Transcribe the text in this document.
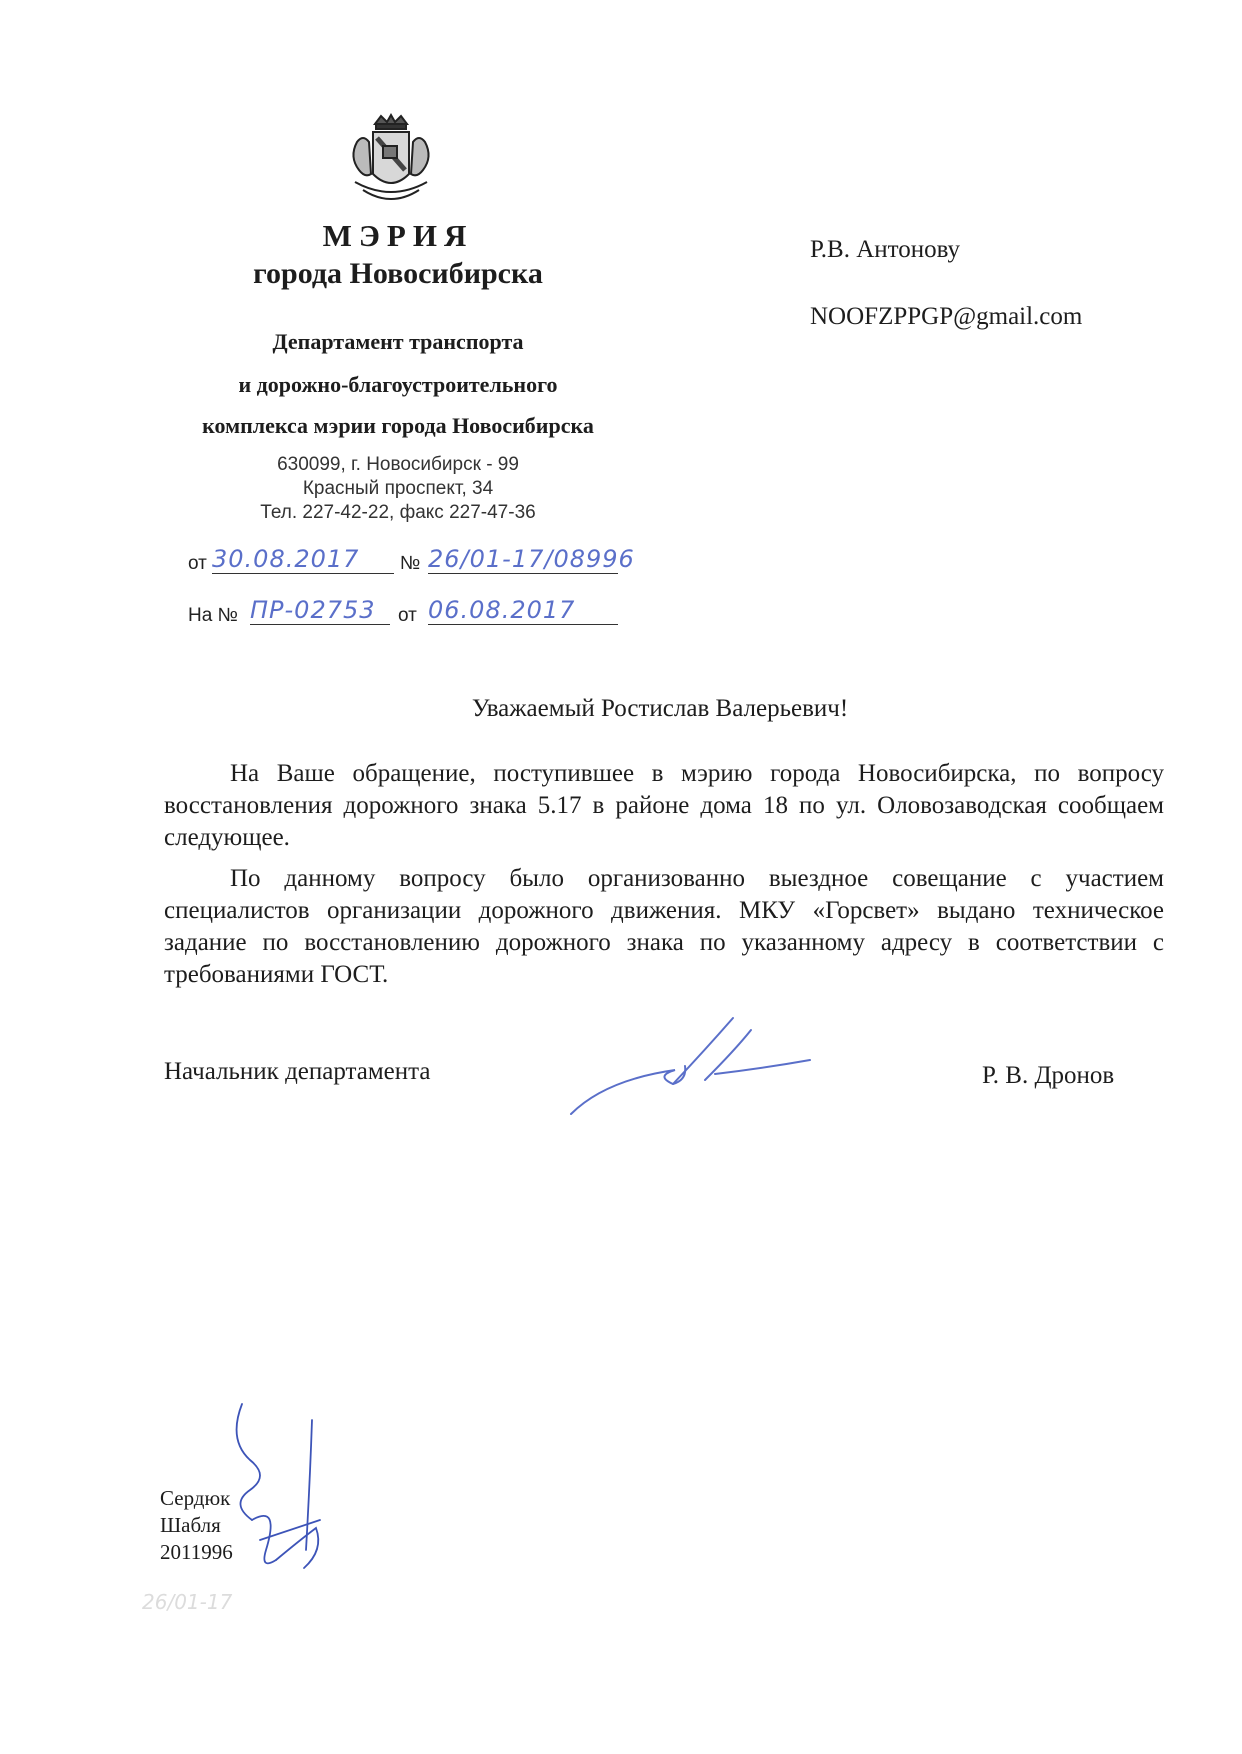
МЭРИЯ
города Новосибирска
Департамент транспорта
и дорожно-благоустроительного
комплекса мэрии города Новосибирска
630099, г. Новосибирск - 99
Красный проспект, 34
Тел. 227-42-22, факс 227-47-36
от 30.08.2017	№ 26/01-17/08996
На № ПР-02753	от 06.08.2017
Р.В. Антонову
NOOFZPPGP@gmail.com
Уважаемый Ростислав Валерьевич!
На Ваше обращение, поступившее в мэрию города Новосибирска, по вопросу восстановления дорожного знака 5.17 в районе дома 18 по ул. Оловозаводская сообщаем следующее.
По данному вопросу было организованно выездное совещание с участием специалистов организации дорожного движения. МКУ «Горсвет» выдано техническое задание по восстановлению дорожного знака по указанному адресу в соответствии с требованиями ГОСТ.
Начальник департамента	Р. В. Дронов
Сердюк
Шабля
2011996
26/01-17
